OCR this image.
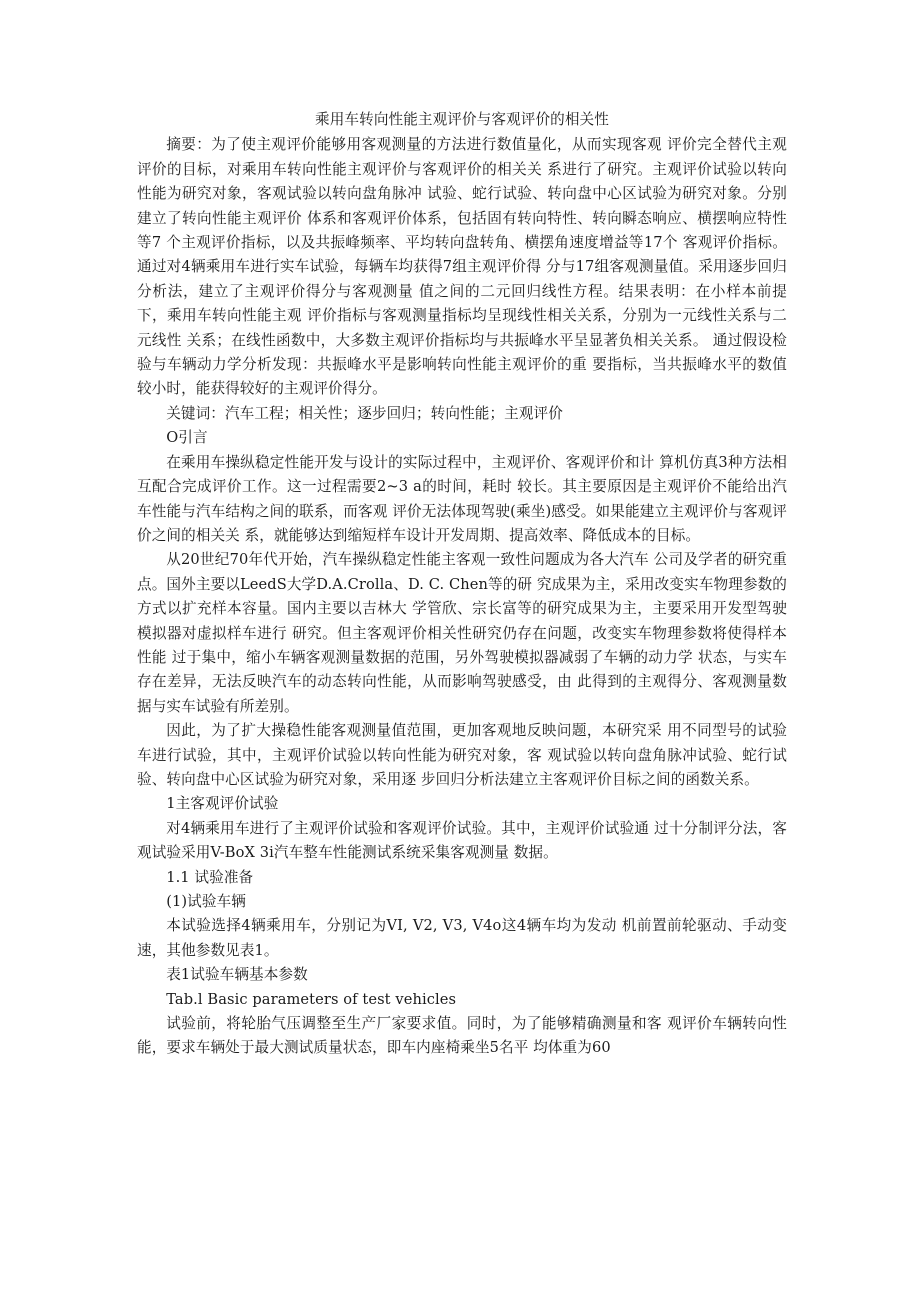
乘用车转向性能主观评价与客观评价的相关性

摘要：为了使主观评价能够用客观测量的方法进行数值量化，从而实现客观 评价完全替代主观评价的目标，对乘用车转向性能主观评价与客观评价的相关关 系进行了研究。主观评价试验以转向性能为研究对象，客观试验以转向盘角脉冲 试验、蛇行试验、转向盘中心区试验为研究对象。分别建立了转向性能主观评价 体系和客观评价体系，包括固有转向特性、转向瞬态响应、横摆响应特性等7 个主观评价指标，以及共振峰频率、平均转向盘转角、横摆角速度增益等17个 客观评价指标。通过对4辆乘用车进行实车试验，每辆车均获得7组主观评价得 分与17组客观测量值。采用逐步回归分析法，建立了主观评价得分与客观测量 值之间的二元回归线性方程。结果表明：在小样本前提下，乘用车转向性能主观 评价指标与客观测量指标均呈现线性相关关系，分别为一元线性关系与二元线性 关系；在线性函数中，大多数主观评价指标均与共振峰水平呈显著负相关关系。 通过假设检验与车辆动力学分析发现：共振峰水平是影响转向性能主观评价的重 要指标，当共振峰水平的数值较小时，能获得较好的主观评价得分。

关键词：汽车工程；相关性；逐步回归；转向性能；主观评价

O引言

在乘用车操纵稳定性能开发与设计的实际过程中，主观评价、客观评价和计 算机仿真3种方法相互配合完成评价工作。这一过程需要2~3 a的时间，耗时 较长。其主要原因是主观评价不能给出汽车性能与汽车结构之间的联系，而客观 评价无法体现驾驶(乘坐)感受。如果能建立主观评价与客观评价之间的相关关 系，就能够达到缩短样车设计开发周期、提高效率、降低成本的目标。

从20世纪70年代开始，汽车操纵稳定性能主客观一致性问题成为各大汽车 公司及学者的研究重点。国外主要以LeedS大学D.A.Crolla、D. C. Chen等的研 究成果为主，采用改变实车物理参数的方式以扩充样本容量。国内主要以吉林大 学管欣、宗长富等的研究成果为主，主要采用开发型驾驶模拟器对虚拟样车进行 研究。但主客观评价相关性研究仍存在问题，改变实车物理参数将使得样本性能 过于集中，缩小车辆客观测量数据的范围，另外驾驶模拟器减弱了车辆的动力学 状态，与实车存在差异，无法反映汽车的动态转向性能，从而影响驾驶感受，由 此得到的主观得分、客观测量数据与实车试验有所差别。

因此，为了扩大操稳性能客观测量值范围，更加客观地反映问题，本研究采 用不同型号的试验车进行试验，其中，主观评价试验以转向性能为研究对象，客 观试验以转向盘角脉冲试验、蛇行试验、转向盘中心区试验为研究对象，采用逐 步回归分析法建立主客观评价目标之间的函数关系。

1主客观评价试验

对4辆乘用车进行了主观评价试验和客观评价试验。其中，主观评价试验通 过十分制评分法，客观试验采用V-BoX 3i汽车整车性能测试系统采集客观测量 数据。

1.1 试验准备

(1)试验车辆

本试验选择4辆乘用车，分别记为VI, V2, V3, V4o这4辆车均为发动 机前置前轮驱动、手动变速，其他参数见表1。

表1试验车辆基本参数

Tab.l Basic parameters of test vehicles

试验前，将轮胎气压调整至生产厂家要求值。同时，为了能够精确测量和客 观评价车辆转向性能，要求车辆处于最大测试质量状态，即车内座椅乘坐5名平 均体重为60
